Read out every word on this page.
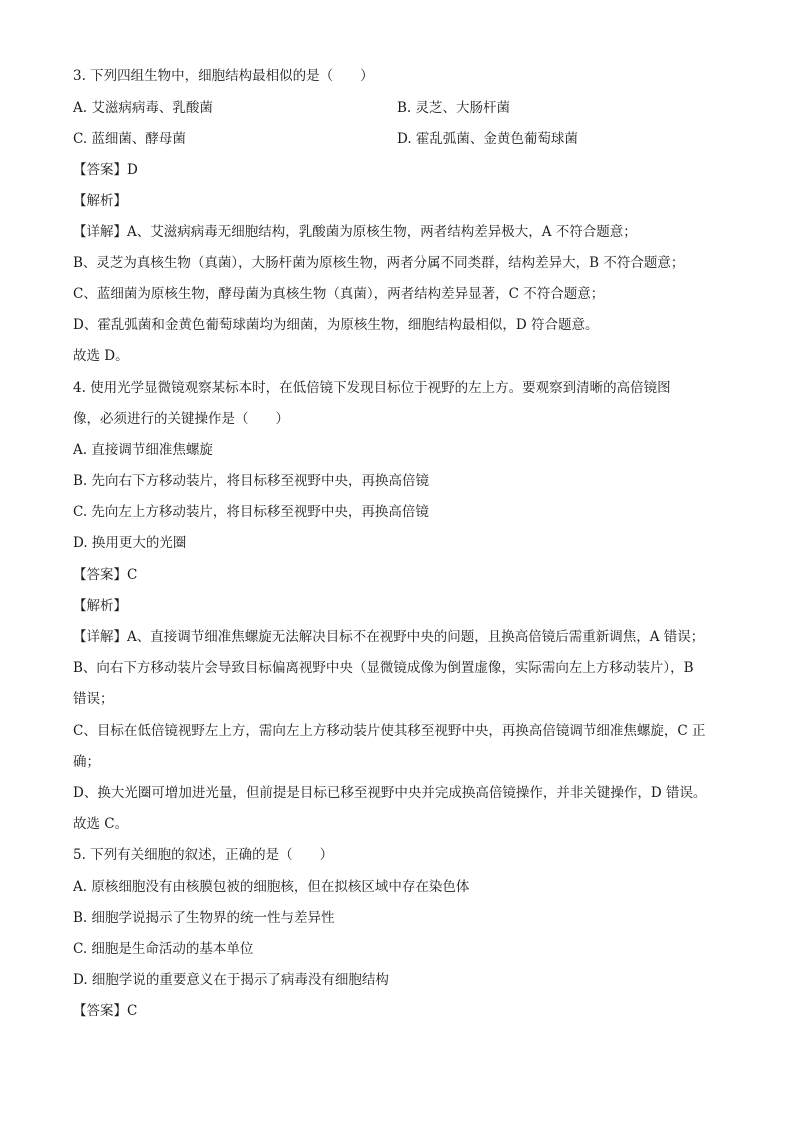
3. 下列四组生物中，细胞结构最相似的是（　　）
A. 艾滋病病毒、乳酸菌	B. 灵芝、大肠杆菌
C. 蓝细菌、酵母菌	D. 霍乱弧菌、金黄色葡萄球菌
【答案】D
【解析】
【详解】A、艾滋病病毒无细胞结构，乳酸菌为原核生物，两者结构差异极大，A 不符合题意；
B、灵芝为真核生物（真菌），大肠杆菌为原核生物，两者分属不同类群，结构差异大，B 不符合题意；
C、蓝细菌为原核生物，酵母菌为真核生物（真菌），两者结构差异显著，C 不符合题意；
D、霍乱弧菌和金黄色葡萄球菌均为细菌，为原核生物，细胞结构最相似，D 符合题意。
故选 D。
4. 使用光学显微镜观察某标本时，在低倍镜下发现目标位于视野的左上方。要观察到清晰的高倍镜图
像，必须进行的关键操作是（　　）
A. 直接调节细准焦螺旋
B. 先向右下方移动装片，将目标移至视野中央，再换高倍镜
C. 先向左上方移动装片，将目标移至视野中央，再换高倍镜
D. 换用更大的光圈
【答案】C
【解析】
【详解】A、直接调节细准焦螺旋无法解决目标不在视野中央的问题，且换高倍镜后需重新调焦，A 错误；
B、向右下方移动装片会导致目标偏离视野中央（显微镜成像为倒置虚像，实际需向左上方移动装片），B
错误；
C、目标在低倍镜视野左上方，需向左上方移动装片使其移至视野中央，再换高倍镜调节细准焦螺旋，C 正
确；
D、换大光圈可增加进光量，但前提是目标已移至视野中央并完成换高倍镜操作，并非关键操作，D 错误。
故选 C。
5. 下列有关细胞的叙述，正确的是（　　）
A. 原核细胞没有由核膜包被的细胞核，但在拟核区域中存在染色体
B. 细胞学说揭示了生物界的统一性与差异性
C. 细胞是生命活动的基本单位
D. 细胞学说的重要意义在于揭示了病毒没有细胞结构
【答案】C
